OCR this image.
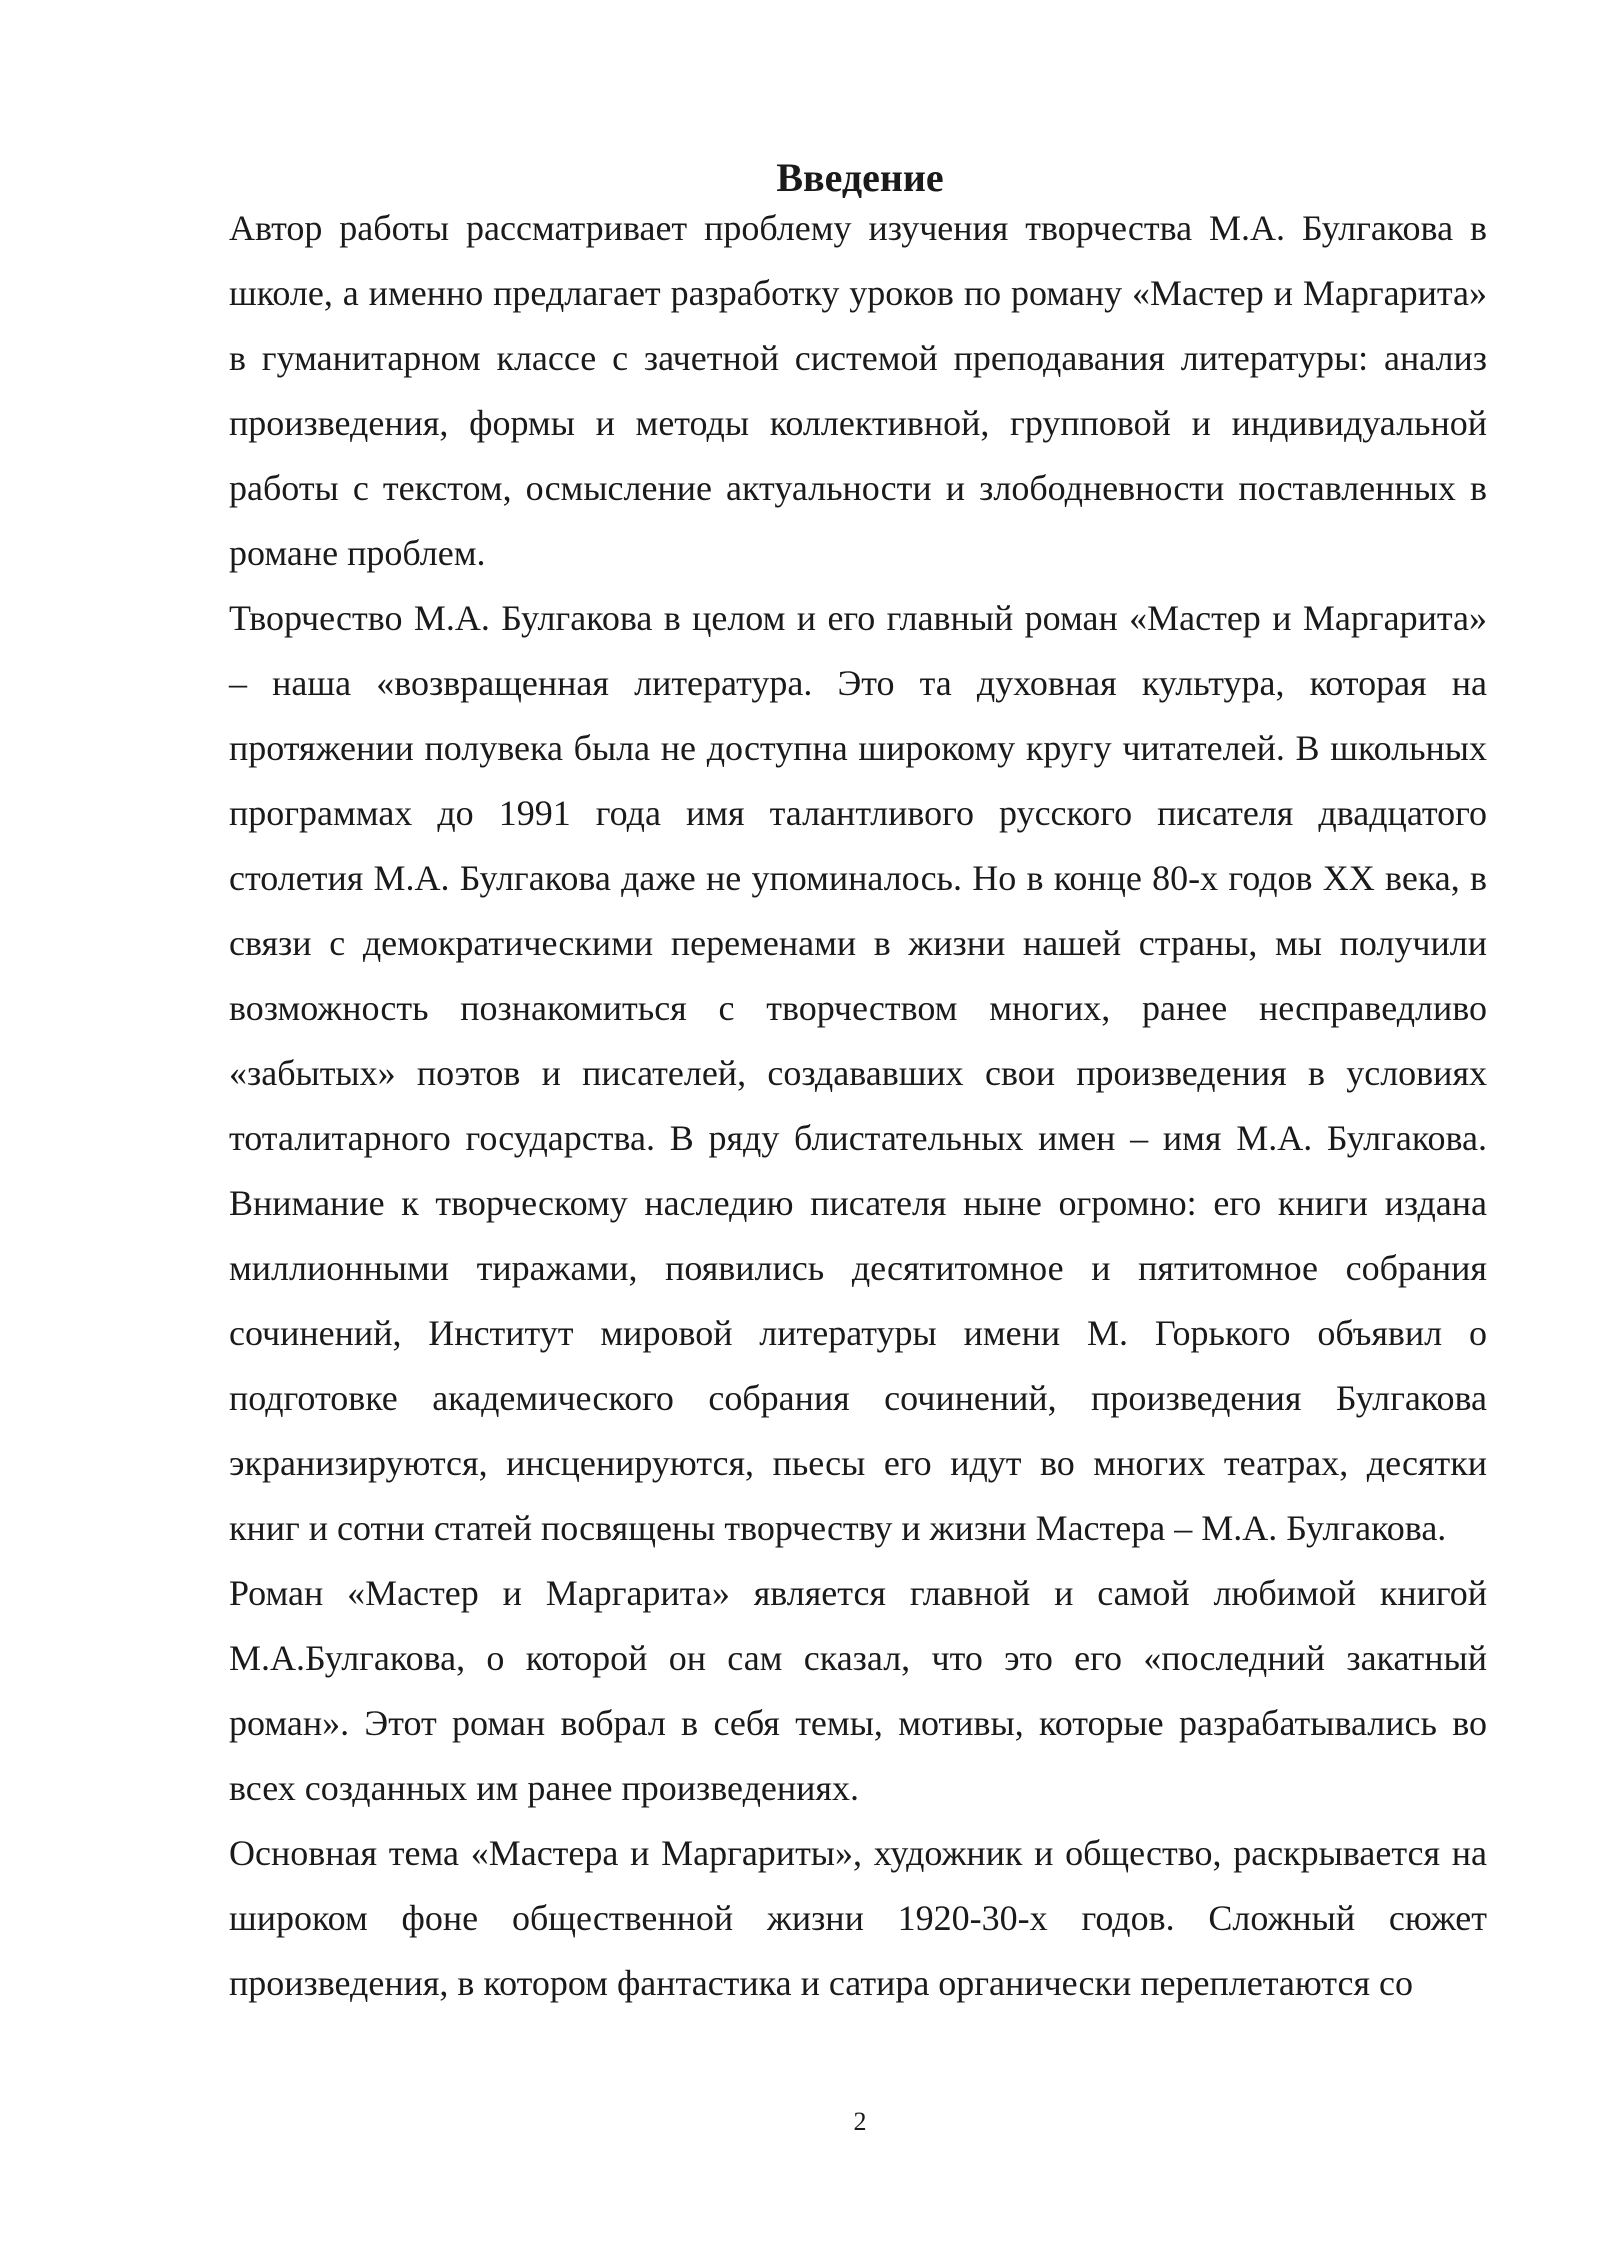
Введение

Автор работы рассматривает проблему изучения творчества М.А. Булгакова в школе, а именно предлагает разработку уроков по роману «Мастер и Маргарита» в гуманитарном классе с зачетной системой преподавания литературы: анализ произведения, формы и методы коллективной, групповой и индивидуальной работы с текстом, осмысление актуальности и злободневности поставленных в романе проблем.

Творчество М.А. Булгакова в целом и его главный роман «Мастер и Маргарита» – наша «возвращенная литература. Это та духовная культура, которая на протяжении полувека была не доступна широкому кругу читателей. В школьных программах до 1991 года имя талантливого русского писателя двадцатого столетия М.А. Булгакова даже не упоминалось. Но в конце 80-х годов XX века, в связи с демократическими переменами в жизни нашей страны, мы получили возможность познакомиться с творчеством многих, ранее несправедливо «забытых» поэтов и писателей, создававших свои произведения в условиях тоталитарного государства. В ряду блистательных имен – имя М.А. Булгакова. Внимание к творческому наследию писателя ныне огромно: его книги издана миллионными тиражами, появились десятитомное и пятитомное собрания сочинений, Институт мировой литературы имени М. Горького объявил о подготовке академического собрания сочинений, произведения Булгакова экранизируются, инсценируются, пьесы его идут во многих театрах, десятки книг и сотни статей посвящены творчеству и жизни Мастера – М.А. Булгакова.

Роман «Мастер и Маргарита» является главной и самой любимой книгой М.А.Булгакова, о которой он сам сказал, что это его «последний закатный роман». Этот роман вобрал в себя темы, мотивы, которые разрабатывались во всех созданных им ранее произведениях.

Основная тема «Мастера и Маргариты», художник и общество, раскрывается на широком фоне общественной жизни 1920-30-х годов. Сложный сюжет произведения, в котором фантастика и сатира органически переплетаются со

2
